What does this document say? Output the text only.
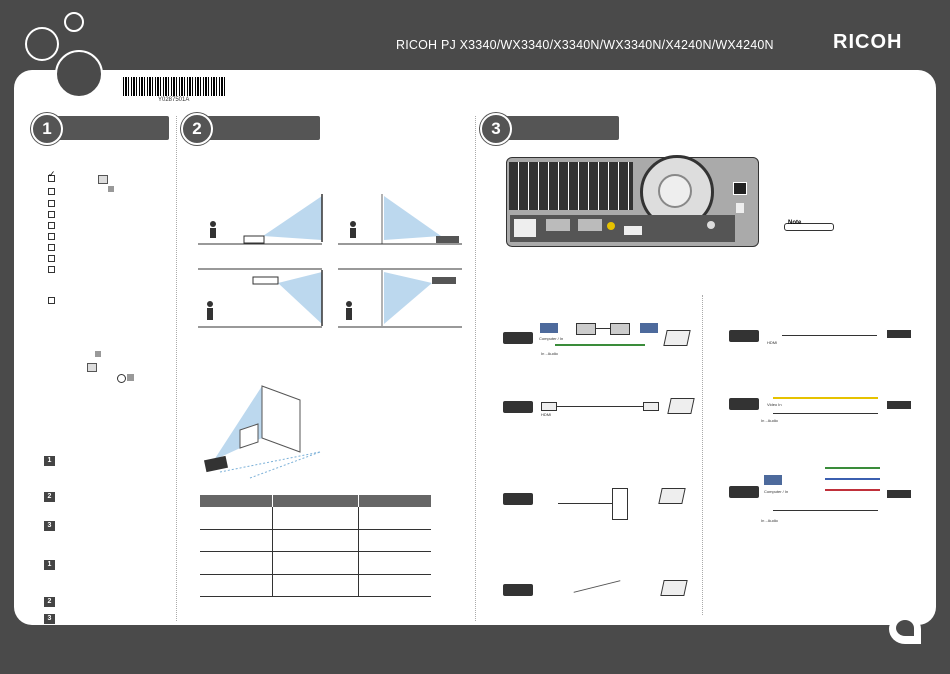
RICOH PJ X3340/WX3340/X3340N/WX3340N/X4240N/WX4240N	RICOH
Y0287501A
1	2	3
✓
1
2
3
1
2
3

Note
Computer / In
In - Audio
HDMI
HDMI
Video In
In - Audio
Computer / In
In - Audio
